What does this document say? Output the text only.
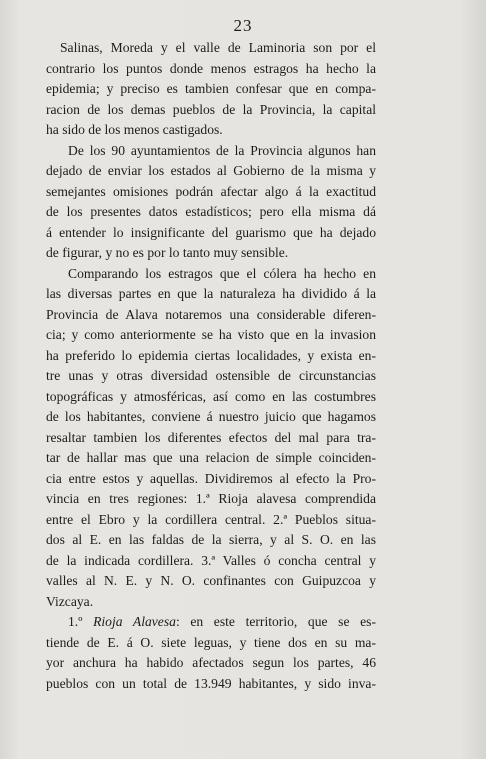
23
Salinas, Moreda y el valle de Laminoria son por el
contrario los puntos donde menos estragos ha hecho la
epidemia; y preciso es tambien confesar que en compa-
racion de los demas pueblos de la Provincia, la capital
ha sido de los menos castigados.
De los 90 ayuntamientos de la Provincia algunos han
dejado de enviar los estados al Gobierno de la misma y
semejantes omisiones podrán afectar algo á la exactitud
de los presentes datos estadísticos; pero ella misma dá
á entender lo insignificante del guarismo que ha dejado
de figurar, y no es por lo tanto muy sensible.
Comparando los estragos que el cólera ha hecho en
las diversas partes en que la naturaleza ha dividido á la
Provincia de Alava notaremos una considerable diferen-
cia; y como anteriormente se ha visto que en la invasion
ha preferido lo epidemia ciertas localidades, y exista en-
tre unas y otras diversidad ostensible de circunstancias
topográficas y atmosféricas, así como en las costumbres
de los habitantes, conviene á nuestro juicio que hagamos
resaltar tambien los diferentes efectos del mal para tra-
tar de hallar mas que una relacion de simple coinciden-
cia entre estos y aquellas. Dividiremos al efecto la Pro-
vincia en tres regiones: 1.ª Rioja alavesa comprendida
entre el Ebro y la cordillera central. 2.ª Pueblos situa-
dos al E. en las faldas de la sierra, y al S. O. en las
de la indicada cordillera. 3.ª Valles ó concha central y
valles al N. E. y N. O. confinantes con Guipuzcoa y
Vizcaya.
1.º Rioja Alavesa: en este territorio, que se es-
tiende de E. á O. siete leguas, y tiene dos en su ma-
yor anchura ha habido afectados segun los partes, 46
pueblos con un total de 13.949 habitantes, y sido inva-
